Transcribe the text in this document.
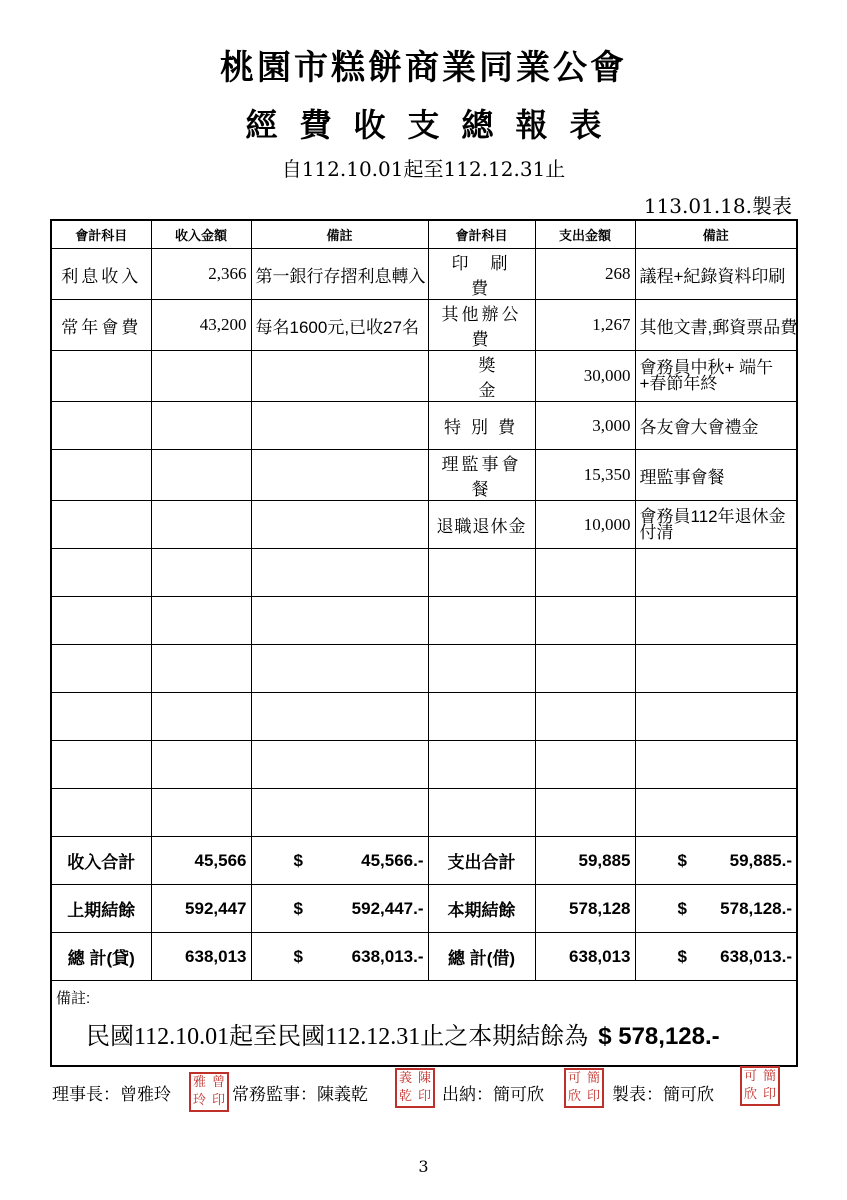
桃園市糕餅商業同業公會
經費收支總報表
自112.10.01起至112.12.31止
113.01.18.製表
會計科目	收入金額	備註	會計科目	支出金額	備註
利息收入	2,366	第一銀行存摺利息轉入	印刷費	268	議程+紀錄資料印刷
常年會費	43,200	每名1600元,已收27名	其他辦公費	1,267	其他文書,郵資票品費
			獎金	30,000	會務員中秋+ 端午+春節年終
			特別費	3,000	各友會大會禮金
			理監事會餐	15,350	理監事會餐
			退職退休金	10,000	會務員112年退休金付清

收入合計	45,566	$ 45,566.-	支出合計	59,885	$ 59,885.-

上期結餘	592,447	$ 592,447.-	本期結餘	578,128	$ 578,128.-

總 計(貸)	638,013	$ 638,013.-	總 計(借)	638,013	$ 638,013.-

備註:
民國112.10.01起至民國112.12.31止之本期結餘為 $ 578,128.-					
理事長：曾雅玲
雅 曾
玲 印 常務監事：陳義乾
義 陳
乾 印 出納：簡可欣
可 簡
欣 印 製表：簡可欣
可 簡
欣 印
3
